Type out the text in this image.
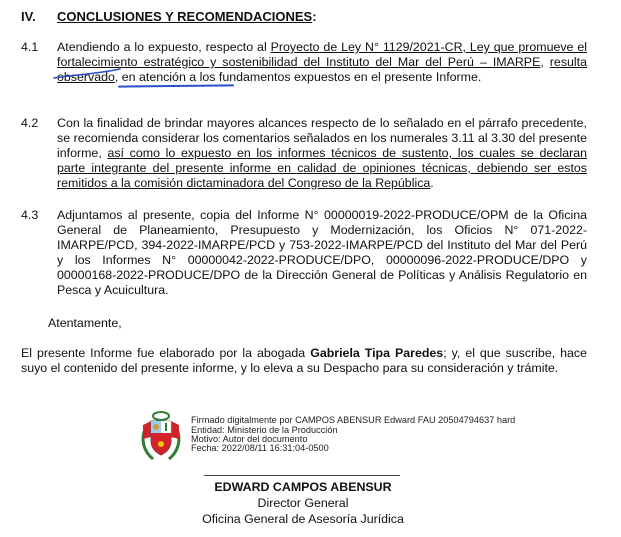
IV. CONCLUSIONES Y RECOMENDACIONES:
4.1 Atendiendo a lo expuesto, respecto al Proyecto de Ley N° 1129/2021-CR, Ley que promueve el fortalecimiento estratégico y sostenibilidad del Instituto del Mar del Perú – IMARPE, resulta observado, en atención a los fundamentos expuestos en el presente Informe.
4.2 Con la finalidad de brindar mayores alcances respecto de lo señalado en el párrafo precedente, se recomienda considerar los comentarios señalados en los numerales 3.11 al 3.30 del presente informe, así como lo expuesto en los informes técnicos de sustento, los cuales se declaran parte integrante del presente informe en calidad de opiniones técnicas, debiendo ser estos remitidos a la comisión dictaminadora del Congreso de la República.
4.3 Adjuntamos al presente, copia del Informe N° 00000019-2022-PRODUCE/OPM de la Oficina General de Planeamiento, Presupuesto y Modernización, los Oficios N° 071-2022-IMARPE/PCD, 394-2022-IMARPE/PCD y 753-2022-IMARPE/PCD del Instituto del Mar del Perú y los Informes N° 00000042-2022-PRODUCE/DPO, 00000096-2022-PRODUCE/DPO y 00000168-2022-PRODUCE/DPO de la Dirección General de Políticas y Análisis Regulatorio en Pesca y Acuicultura.
Atentamente,
El presente Informe fue elaborado por la abogada Gabriela Tipa Paredes; y, el que suscribe, hace suyo el contenido del presente informe, y lo eleva a su Despacho para su consideración y trámite.
Firmado digitalmente por CAMPOS ABENSUR Edward FAU 20504794637 hard
Entidad: Ministerio de la Producción
Motivo: Autor del documento
Fecha: 2022/08/11 16:31:04-0500
EDWARD CAMPOS ABENSUR
Director General
Oficina General de Asesoría Jurídica
